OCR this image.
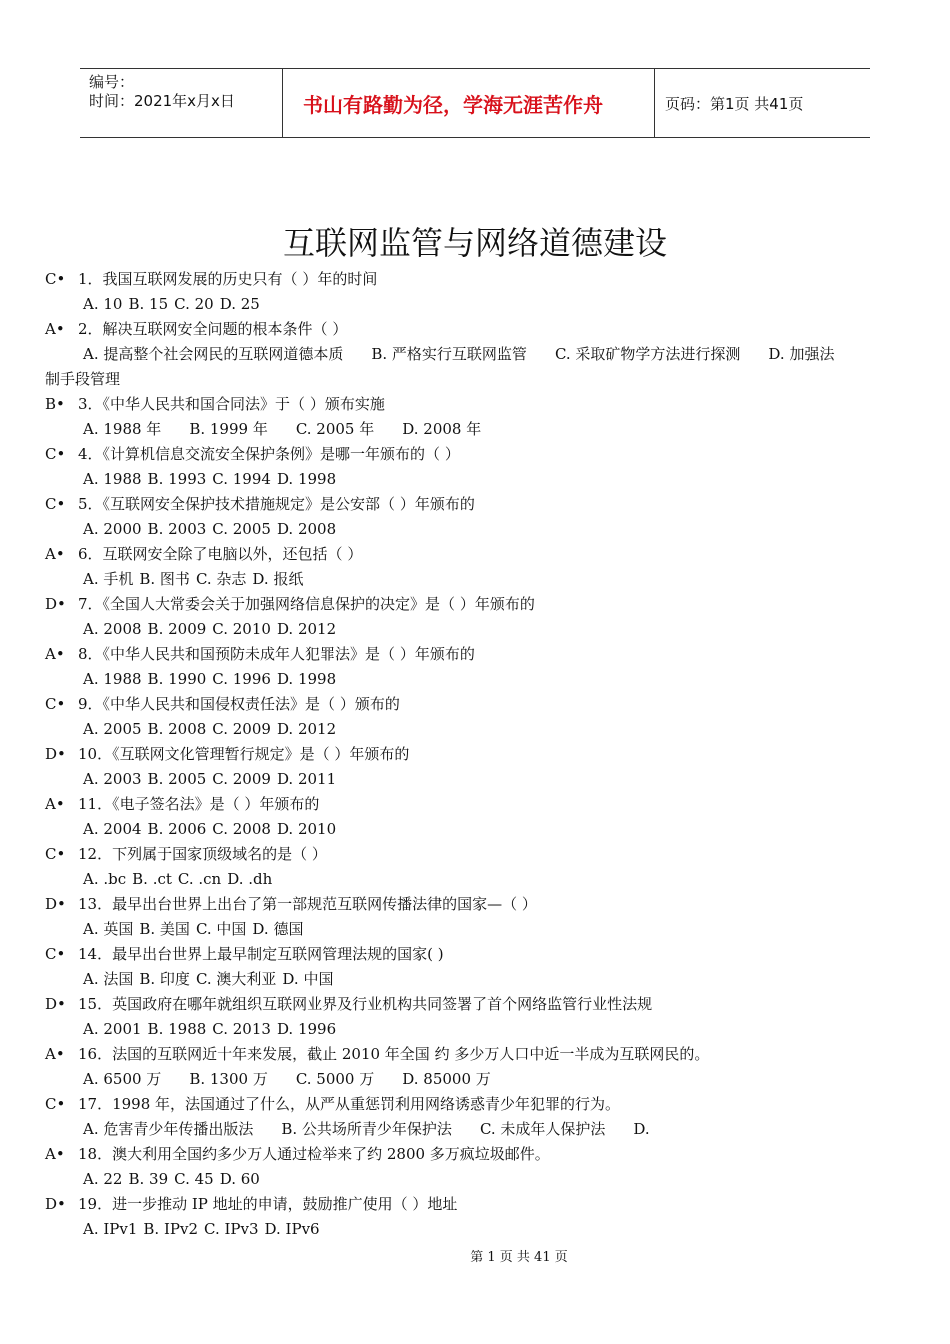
编号：
时间：2021年x月x日	书山有路勤为径，学海无涯苦作舟	页码：第1页 共41页
互联网监管与网络道德建设
C• 1．我国互联网发展的历史只有（ ）年的时间
A. 10 B. 15 C. 20 D. 25
A• 2．解决互联网安全问题的根本条件（ ）
A. 提高整个社会网民的互联网道德本质 B. 严格实行互联网监管 C. 采取矿物学方法进行探测 D. 加强法
制手段管理
B• 3．《中华人民共和国合同法》于（ ）颁布实施
A. 1988 年 B. 1999 年 C. 2005 年 D. 2008 年
C• 4．《计算机信息交流安全保护条例》是哪一年颁布的（ ）
A. 1988 B. 1993 C. 1994 D. 1998
C• 5．《互联网安全保护技术措施规定》是公安部（ ）年颁布的
A. 2000 B. 2003 C. 2005 D. 2008
A• 6．互联网安全除了电脑以外，还包括（ ）
A. 手机 B. 图书 C. 杂志 D. 报纸
D• 7．《全国人大常委会关于加强网络信息保护的决定》是（ ）年颁布的
A. 2008 B. 2009 C. 2010 D. 2012
A• 8．《中华人民共和国预防未成年人犯罪法》是（ ）年颁布的
A. 1988 B. 1990 C. 1996 D. 1998
C• 9．《中华人民共和国侵权责任法》是（ ）颁布的
A. 2005 B. 2008 C. 2009 D. 2012
D• 10．《互联网文化管理暂行规定》是（ ）年颁布的
A. 2003 B. 2005 C. 2009 D. 2011
A• 11．《电子签名法》是（ ）年颁布的
A. 2004 B. 2006 C. 2008 D. 2010
C• 12．下列属于国家顶级域名的是（ ）
A. .bc B. .ct C. .cn D. .dh
D• 13．最早出台世界上出台了第一部规范互联网传播法律的国家—（ ）
A. 英国 B. 美国 C. 中国 D. 德国
C• 14．最早出台世界上最早制定互联网管理法规的国家( )
A. 法国 B. 印度 C. 澳大利亚 D. 中国
D• 15．英国政府在哪年就组织互联网业界及行业机构共同签署了首个网络监管行业性法规
A. 2001 B. 1988 C. 2013 D. 1996
A• 16．法国的互联网近十年来发展，截止 2010 年全国 约 多少万人口中近一半成为互联网民的。
A. 6500 万 B. 1300 万 C. 5000 万 D. 85000 万
C• 17．1998 年，法国通过了什么，从严从重惩罚利用网络诱惑青少年犯罪的行为。
A. 危害青少年传播出版法 B. 公共场所青少年保护法 C. 未成年人保护法 D.
A• 18．澳大利用全国约多少万人通过检举来了约 2800 多万疯垃圾邮件。
A. 22 B. 39 C. 45 D. 60
D• 19．进一步推动 IP 地址的申请，鼓励推广使用（ ）地址
A. IPv1 B. IPv2 C. IPv3 D. IPv6
第 1 页 共 41 页
